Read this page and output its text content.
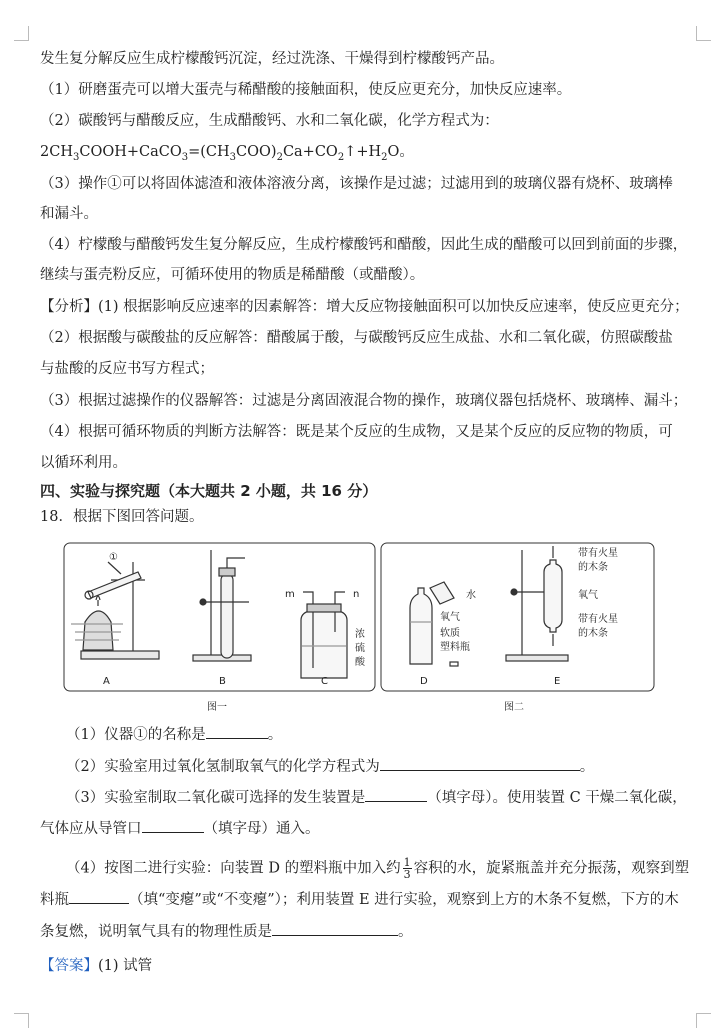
发生复分解反应生成柠檬酸钙沉淀，经过洗涤、干燥得到柠檬酸钙产品。
（1）研磨蛋壳可以增大蛋壳与稀醋酸的接触面积，使反应更充分，加快反应速率。
（2）碳酸钙与醋酸反应，生成醋酸钙、水和二氧化碳，化学方程式为：
$2CH_3COOH+CaCO_3=(CH_3COO)_2Ca+CO_2↑+H_2O$。
（3）操作①可以将固体滤渣和液体溶液分离，该操作是过滤；过滤用到的玻璃仪器有烧杯、玻璃棒
和漏斗。
（4）柠檬酸与醋酸钙发生复分解反应，生成柠檬酸钙和醋酸，因此生成的醋酸可以回到前面的步骤，
继续与蛋壳粉反应，可循环使用的物质是稀醋酸（或醋酸）。
【分析】(1) 根据影响反应速率的因素解答：增大反应物接触面积可以加快反应速率，使反应更充分；
（2）根据酸与碳酸盐的反应解答：醋酸属于酸，与碳酸钙反应生成盐、水和二氧化碳，仿照碳酸盐
与盐酸的反应书写方程式；
（3）根据过滤操作的仪器解答：过滤是分离固液混合物的操作，玻璃仪器包括烧杯、玻璃棒、漏斗；
（4）根据可循环物质的判断方法解答：既是某个反应的生成物，又是某个反应的反应物的物质，可
以循环利用。
四、实验与探究题（本大题共 2 小题，共 16 分）
18．根据下图回答问题。
①
m	n
浓
硫
酸
A	B	C
图一
水
氧气
软质
塑料瓶
带有火星
的木条
氧气
带有火星
的木条
D	E
图二
（1）仪器①的名称是	。
（2）实验室用过氧化氢制取氧气的化学方程式为	。
（3）实验室制取二氧化碳可选择的发生装置是	（填字母）。使用装置 C 干燥二氧化碳，
气体应从导管口	（填字母）通入。
（4）按图二进行实验：向装置 D 的塑料瓶中加入约 $\frac{1}{3}$ 容积的水，旋紧瓶盖并充分振荡，观察到塑
料瓶	（填“变瘪”或“不变瘪”）；利用装置 E 进行实验，观察到上方的木条不复燃，下方的木
条复燃，说明氧气具有的物理性质是	。
【答案】(1) 试管
